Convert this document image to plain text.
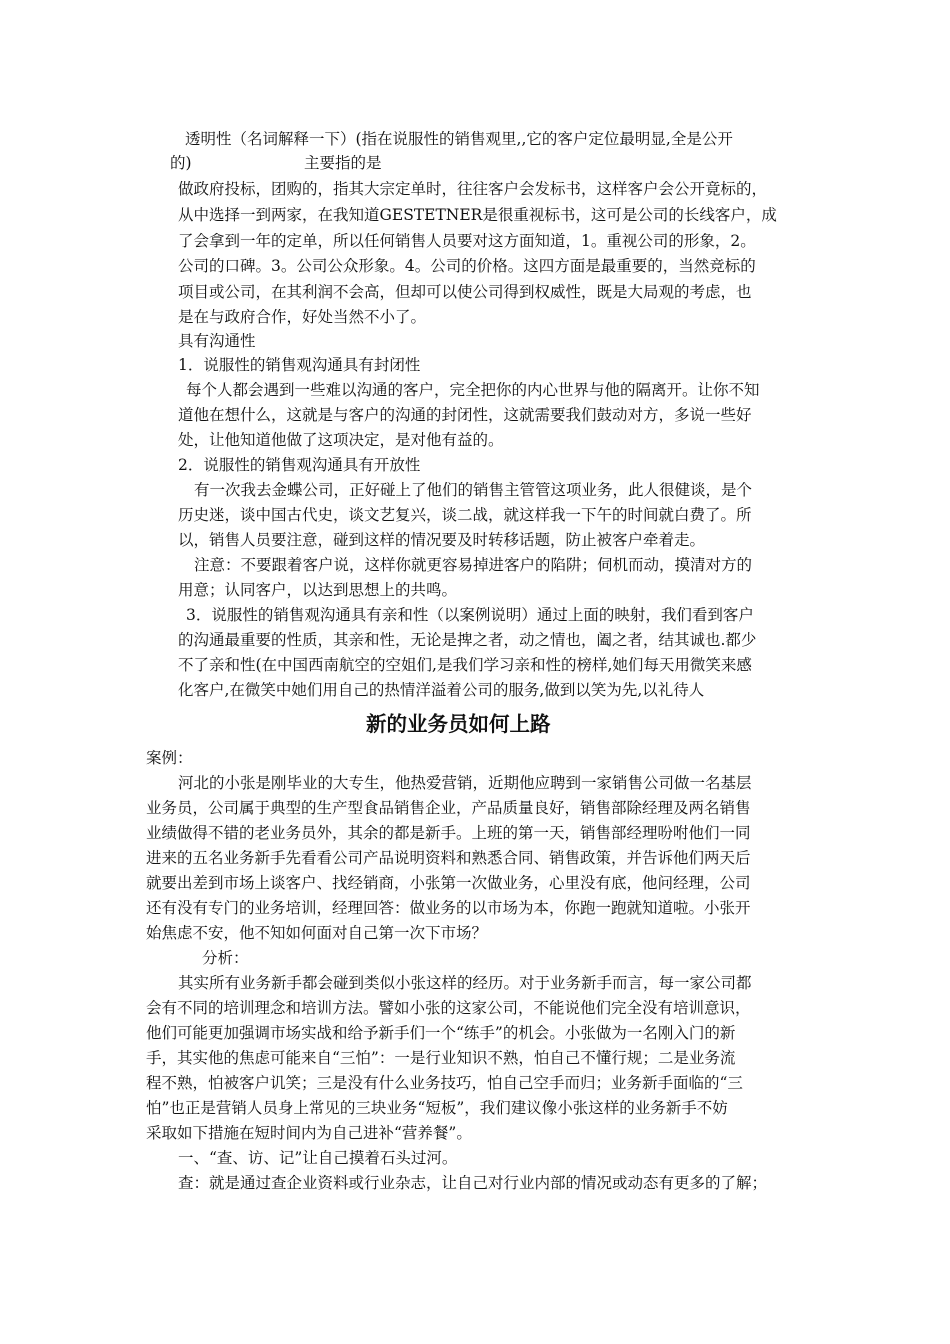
透明性（名词解释一下）(指在说服性的销售观里,,它的客户定位最明显,全是公开
的)	主要指的是
做政府投标，团购的，指其大宗定单时，往往客户会发标书，这样客户会公开竟标的，
从中选择一到两家，在我知道GESTETNER是很重视标书，这可是公司的长线客户，成
了会拿到一年的定单，所以任何销售人员要对这方面知道，1。重视公司的形象，2。
公司的口碑。3。公司公众形象。4。公司的价格。这四方面是最重要的，当然竞标的
项目或公司，在其利润不会高，但却可以使公司得到权威性，既是大局观的考虑，也
是在与政府合作，好处当然不小了。
具有沟通性
1．说服性的销售观沟通具有封闭性
每个人都会遇到一些难以沟通的客户，完全把你的内心世界与他的隔离开。让你不知
道他在想什么，这就是与客户的沟通的封闭性，这就需要我们鼓动对方，多说一些好
处，让他知道他做了这项决定，是对他有益的。
2．说服性的销售观沟通具有开放性
有一次我去金蝶公司，正好碰上了他们的销售主管管这项业务，此人很健谈，是个
历史迷，谈中国古代史，谈文艺复兴，谈二战，就这样我一下午的时间就白费了。所
以，销售人员要注意，碰到这样的情况要及时转移话题，防止被客户牵着走。
注意：不要跟着客户说，这样你就更容易掉进客户的陷阱；伺机而动，摸清对方的
用意；认同客户，以达到思想上的共鸣。
3．说服性的销售观沟通具有亲和性（以案例说明）通过上面的映射，我们看到客户
的沟通最重要的性质，其亲和性，无论是捭之者，动之情也，阖之者，结其诚也.都少
不了亲和性(在中国西南航空的空姐们,是我们学习亲和性的榜样,她们每天用微笑来感
化客户,在微笑中她们用自己的热情洋溢着公司的服务,做到以笑为先,以礼待人
新的业务员如何上路
案例：
河北的小张是刚毕业的大专生，他热爱营销，近期他应聘到一家销售公司做一名基层
业务员，公司属于典型的生产型食品销售企业，产品质量良好，销售部除经理及两名销售
业绩做得不错的老业务员外，其余的都是新手。上班的第一天，销售部经理吩咐他们一同
进来的五名业务新手先看看公司产品说明资料和熟悉合同、销售政策，并告诉他们两天后
就要出差到市场上谈客户、找经销商，小张第一次做业务，心里没有底，他问经理，公司
还有没有专门的业务培训，经理回答：做业务的以市场为本，你跑一跑就知道啦。小张开
始焦虑不安，他不知如何面对自己第一次下市场？
分析：
其实所有业务新手都会碰到类似小张这样的经历。对于业务新手而言，每一家公司都
会有不同的培训理念和培训方法。譬如小张的这家公司，不能说他们完全没有培训意识，
他们可能更加强调市场实战和给予新手们一个“练手”的机会。小张做为一名刚入门的新
手，其实他的焦虑可能来自“三怕”：一是行业知识不熟，怕自己不懂行规；二是业务流
程不熟，怕被客户讥笑；三是没有什么业务技巧，怕自己空手而归；业务新手面临的“三
怕”也正是营销人员身上常见的三块业务“短板”，我们建议像小张这样的业务新手不妨
采取如下措施在短时间内为自己进补“营养餐”。
一、“查、访、记”让自己摸着石头过河。
查：就是通过查企业资料或行业杂志，让自己对行业内部的情况或动态有更多的了解；
